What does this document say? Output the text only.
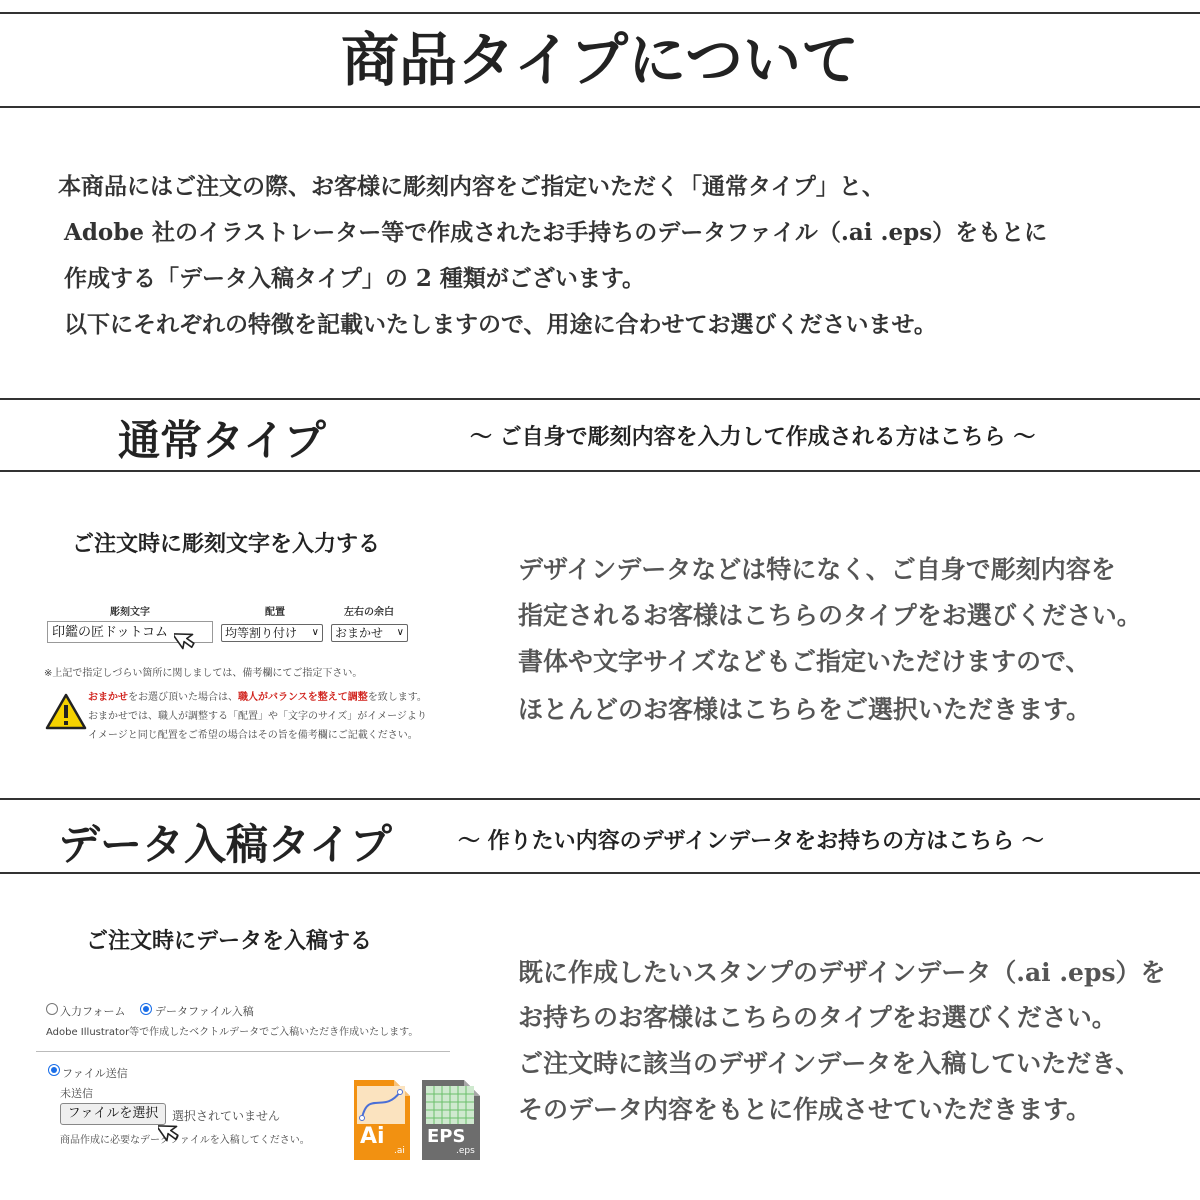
商品タイプについて
本商品にはご注文の際、お客様に彫刻内容をご指定いただく「通常タイプ」と、
Adobe 社のイラストレーター等で作成されたお手持ちのデータファイル（.ai .eps）をもとに
作成する「データ入稿タイプ」の 2 種類がございます。
以下にそれぞれの特徴を記載いたしますので、用途に合わせてお選びくださいませ。
通常タイプ	～ ご自身で彫刻内容を入力して作成される方はこちら ～
ご注文時に彫刻文字を入力する
彫刻文字	配置	左右の余白
印鑑の匠ドットコム	均等割り付け ∨	おまかせ ∨
※上記で指定しづらい箇所に関しましては、備考欄にてご指定下さい。
おまかせをお選び頂いた場合は、職人がバランスを整えて調整を致します。
おまかせでは、職人が調整する「配置」や「文字のサイズ」がイメージより
イメージと同じ配置をご希望の場合はその旨を備考欄にご記載ください。
デザインデータなどは特になく、ご自身で彫刻内容を
指定されるお客様はこちらのタイプをお選びください。
書体や文字サイズなどもご指定いただけますので、
ほとんどのお客様はこちらをご選択いただきます。
データ入稿タイプ	～ 作りたい内容のデザインデータをお持ちの方はこちら ～
ご注文時にデータを入稿する
入力フォーム	データファイル入稿
Adobe Illustrator等で作成したベクトルデータでご入稿いただき作成いたします。
ファイル送信
未送信
ファイルを選択	選択されていません
商品作成に必要なデータファイルを入稿してください。 Ai
.ai
EPS
.eps
既に作成したいスタンプのデザインデータ（.ai .eps）を
お持ちのお客様はこちらのタイプをお選びください。
ご注文時に該当のデザインデータを入稿していただき、
そのデータ内容をもとに作成させていただきます。
